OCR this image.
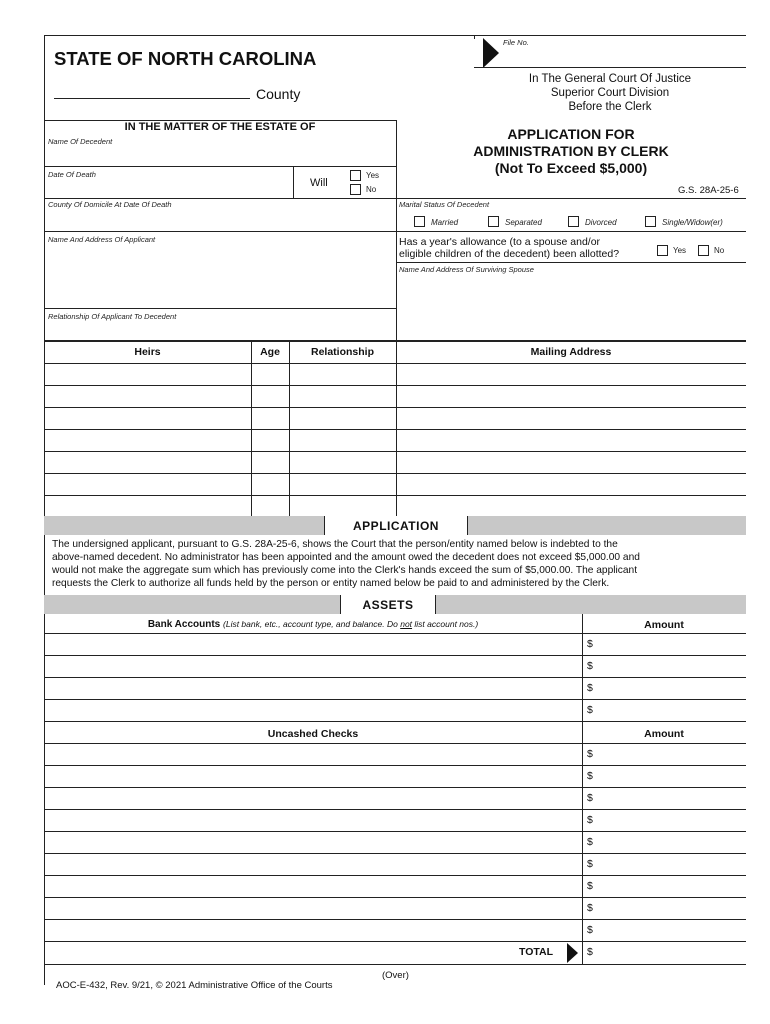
STATE OF NORTH CAROLINA
County
File No.
In The General Court Of Justice
Superior Court Division
Before the Clerk
IN THE MATTER OF THE ESTATE OF
Name Of Decedent
Date Of Death
Will
Yes
No
County Of Domicile At Date Of Death
Name And Address Of Applicant
Relationship Of Applicant To Decedent
APPLICATION FOR
ADMINISTRATION BY CLERK
(Not To Exceed $5,000)
G.S. 28A-25-6
Marital Status Of Decedent
Married	Separated	Divorced	Single/Widow(er)
Has a year's allowance (to a spouse and/or
eligible children of the decedent) been allotted?	Yes	No
Name And Address Of Surviving Spouse
Heirs	Age	Relationship	Mailing Address
APPLICATION
The undersigned applicant, pursuant to G.S. 28A-25-6, shows the Court that the person/entity named below is indebted to the
above-named decedent. No administrator has been appointed and the amount owed the decedent does not exceed $5,000.00 and
would not make the aggregate sum which has previously come into the Clerk's hands exceed the sum of $5,000.00. The applicant
requests the Clerk to authorize all funds held by the person or entity named below be paid to and administered by the Clerk.
ASSETS
Bank Accounts (List bank, etc., account type, and balance. Do not list account nos.)	Amount
$
$
$
$
Uncashed Checks	Amount
$
$
$
$
$
$
$
$
$
TOTAL	$
(Over)
AOC-E-432, Rev. 9/21, © 2021 Administrative Office of the Courts
